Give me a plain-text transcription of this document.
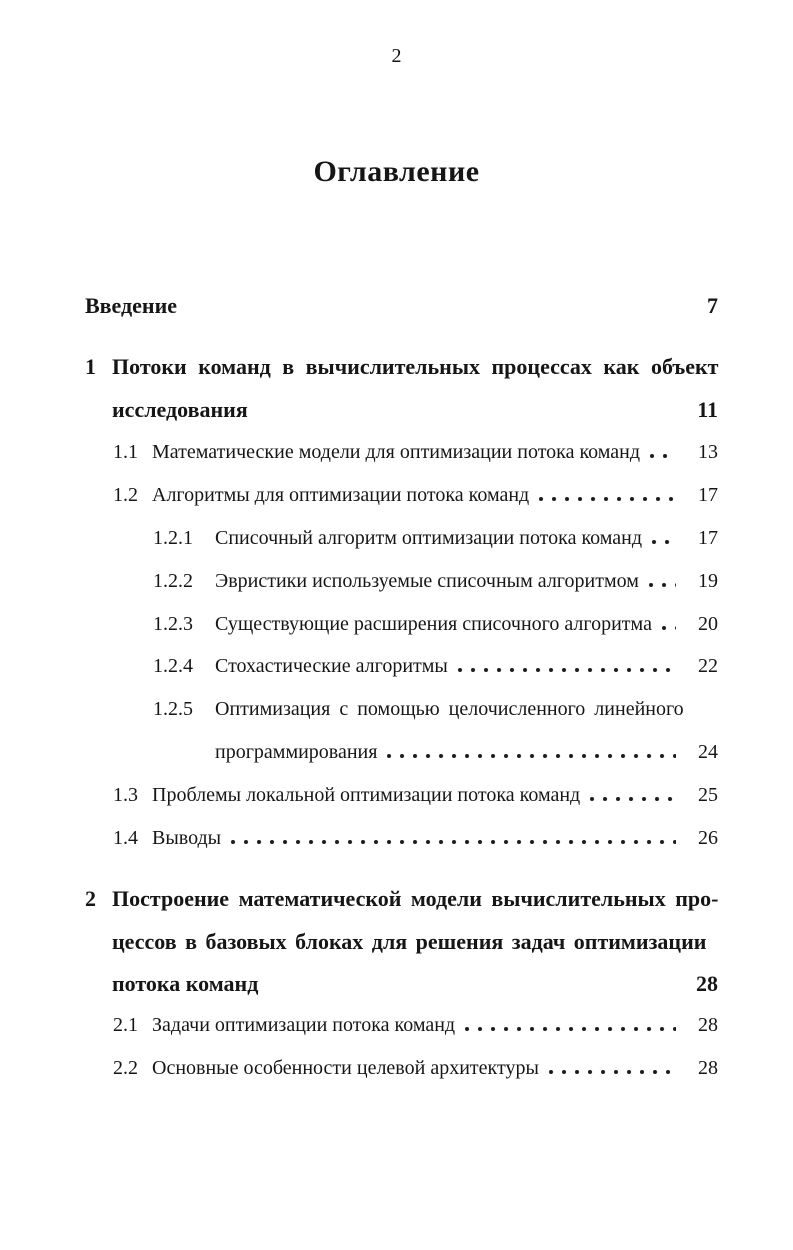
2
Оглавление
Введение	7
1 Потоки команд в вычислительных процессах как объект
исследования	11
1.1 Математические модели для оптимизации потока команд	13
1.2 Алгоритмы для оптимизации потока команд	17
1.2.1	Списочный алгоритм оптимизации потока команд	17
1.2.2	Эвристики используемые списочным алгоритмом	19
1.2.3	Существующие расширения списочного алгоритма	20
1.2.4	Стохастические алгоритмы	22
1.2.5	Оптимизация с помощью целочисленного линейного
программирования	24
1.3 Проблемы локальной оптимизации потока команд	25
1.4 Выводы	26
2 Построение математической модели вычислительных про-
цессов в базовых блоках для решения задач оптимизации
потока команд	28
2.1 Задачи оптимизации потока команд	28
2.2 Основные особенности целевой архитектуры	28
